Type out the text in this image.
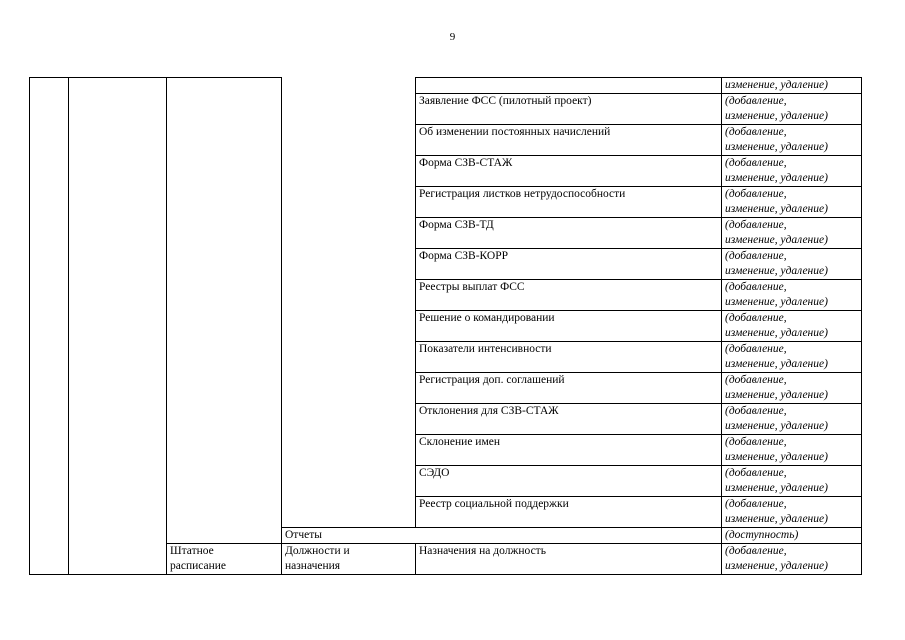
9
					изменение, удаление)
				Заявление ФСС (пилотный проект)	(добавление,
изменение, удаление)
				Об изменении постоянных начислений	(добавление,
изменение, удаление)
				Форма СЗВ-СТАЖ	(добавление,
изменение, удаление)
				Регистрация листков нетрудоспособности	(добавление,
изменение, удаление)
				Форма СЗВ-ТД	(добавление,
изменение, удаление)
				Форма СЗВ-КОРР	(добавление,
изменение, удаление)
				Реестры выплат ФСС	(добавление,
изменение, удаление)
				Решение о командировании	(добавление,
изменение, удаление)
				Показатели интенсивности	(добавление,
изменение, удаление)
				Регистрация доп. соглашений	(добавление,
изменение, удаление)
				Отклонения для СЗВ-СТАЖ	(добавление,
изменение, удаление)
				Склонение имен	(добавление,
изменение, удаление)
				СЭДО	(добавление,
изменение, удаление)
				Реестр социальной поддержки	(добавление,
изменение, удаление)
			Отчеты		(доступность)
		Штатное
расписание	Должности и
назначения	Назначения на должность	(добавление,
изменение, удаление)
